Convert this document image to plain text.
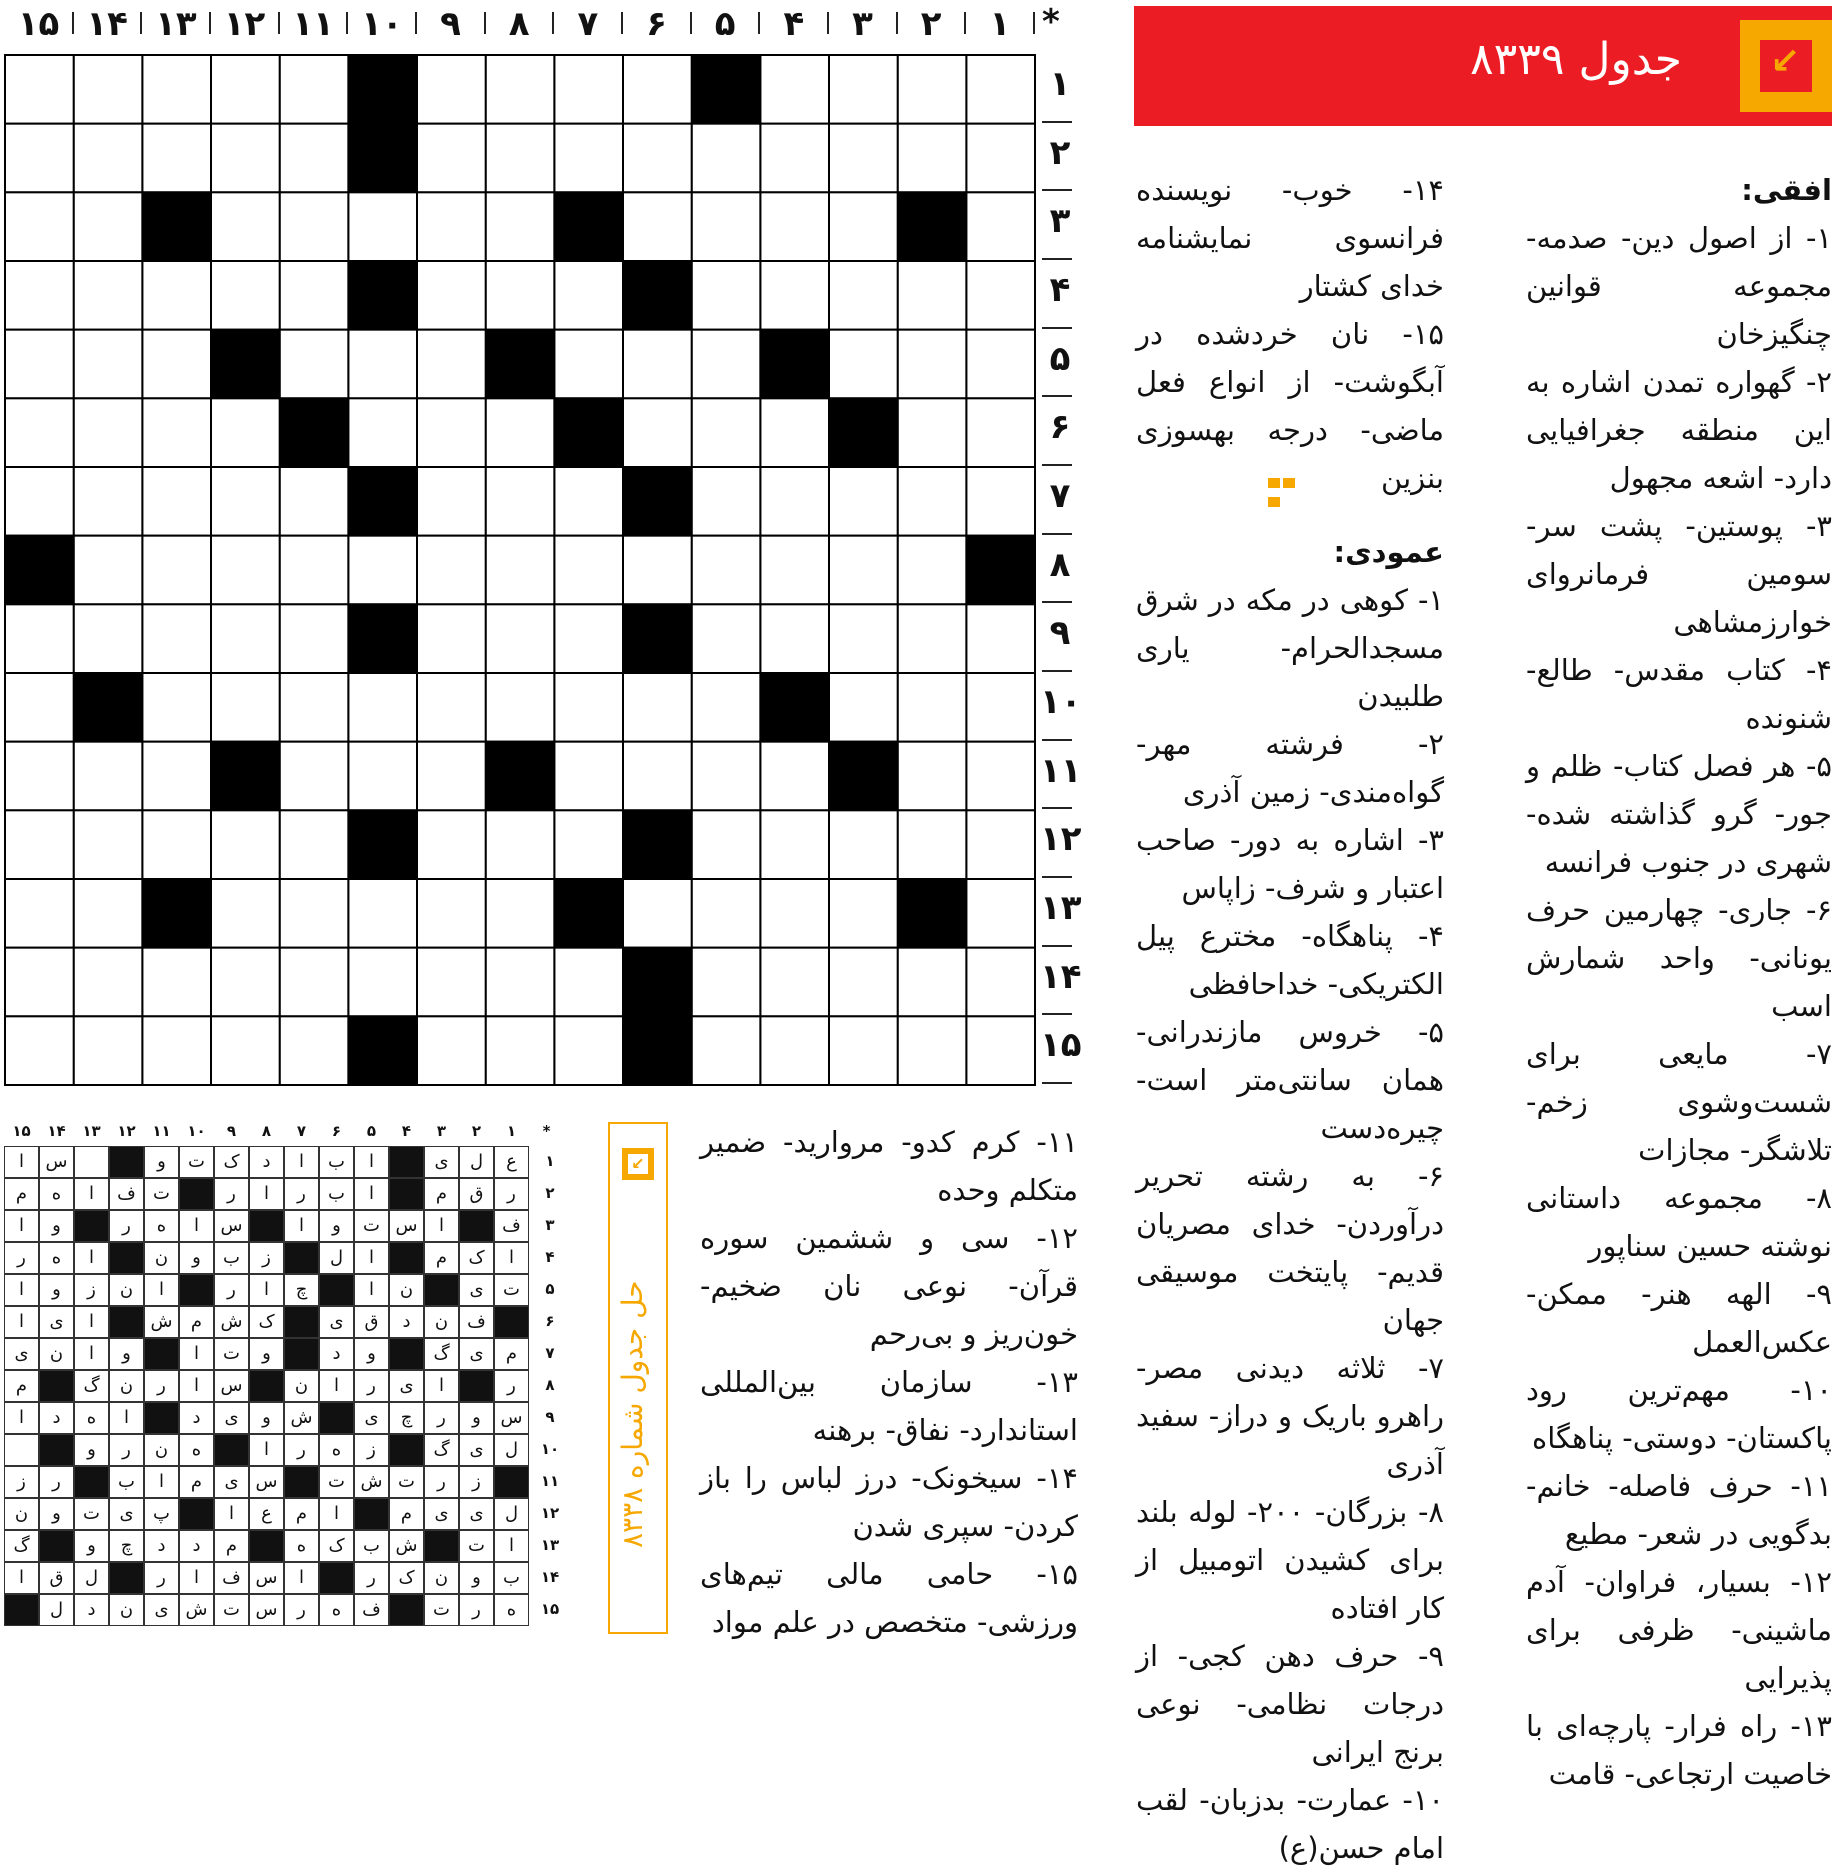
۱
۲
۳
۴
۵
۶
۷
۸
۹
۱۰
۱۱
۱۲
۱۳
۱۴
۱۵	*
۱
۲
۳
۴
۵
۶
۷
۸
۹
۱۰
۱۱
۱۲
۱۳
۱۴
۱۵
جدول ۸۳۳۹ ↙

افقی:

۱- از اصول دین- صدمه- مجموعه قوانین چنگیزخان

۲- گهواره تمدن اشاره به این منطقه جغرافیایی دارد- اشعه مجهول

۳- پوستین- پشت سر- سومین فرمانروای خوارزمشاهی

۴- کتاب مقدس- طالع- شنونده

۵- هر فصل کتاب- ظلم و جور- گرو گذاشته شده- شهری در جنوب فرانسه

۶- جاری- چهارمین حرف یونانی- واحد شمارش اسب

۷- مایعی برای شست‌وشوی زخم- تلاشگر- مجازات

۸- مجموعه داستانی نوشته حسین سناپور

۹- الهه هنر- ممکن- عکس‌العمل

۱۰- مهم‌ترین رود پاکستان- دوستی- پناهگاه

۱۱- حرف فاصله- خانم- بدگویی در شعر- مطیع

۱۲- بسیار، فراوان- آدم ماشینی- ظرفی برای پذیرایی

۱۳- راه فرار- پارچه‌ای با خاصیت ارتجاعی- قامت

۱۴- خوب- نویسنده فرانسوی نمایشنامه خدای کشتار

۱۵- نان خردشده در آبگوشت- از انواع فعل ماضی- درجه بهسوزی بنزین

عمودی:

۱- کوهی در مکه در شرق مسجدالحرام- یاری طلبیدن

۲- فرشته مهر- گواه‌مندی- زمین آذری

۳- اشاره به دور- صاحب اعتبار و شرف- زاپاس

۴- پناهگاه- مخترع پیل الکتریکی- خداحافظی

۵- خروس مازندرانی- همان سانتی‌متر است- چیره‌دست

۶- به رشته تحریر درآوردن- خدای مصریان قدیم- پایتخت موسیقی جهان

۷- ثلاثه دیدنی مصر- راهرو باریک و دراز- سفید آذری

۸- بزرگان- ۲۰۰- لوله بلند برای کشیدن اتومبیل از کار افتاده

۹- حرف دهن کجی- از درجات نظامی- نوعی برنج ایرانی

۱۰- عمارت- بدزبان- لقب امام حسن(ع)

۱۱- کرم کدو- مروارید- ضمیر متکلم وحده

۱۲- سی و ششمین سوره قرآن- نوعی نان ضخیم- خون‌ریز و بی‌رحم

۱۳- سازمان بین‌المللی استاندارد- نفاق- برهنه

۱۴- سیخونک- درز لباس را باز کردن- سپری شدن

۱۵- حامی مالی تیم‌های ورزشی- متخصص در علم مواد

۱
۲
۳
۴
۵
۶
۷
۸
۹
۱۰
۱۱
۱۲
۱۳
۱۴
۱۵	*
ع
ل
ی
ا
ب
ا
د
ک
ت
و
س
ا
ر
ق
م
ا
ب
ر
ا
ر
ت
ف
ا
ه
م
ف
ا
س
ت
و
ا
س
ا
ه
ر
و
ا
ا
ک
م
ا
ل
ز
ب
و
ن
ا
ه
ر
ت
ی
ن
ا
چ
ا
ر
ا
ن
ز
و
ا
ف
ن
د
ق
ی
ک
ش
م
ش
ا
ی
ا
م
ی
گ
و
د
و
ت
ا
و
ا
ن
ی
ر
ا
ی
ر
ا
ن
س
ا
ر
ن
گ
م
س
و
ر
چ
ی
ش
و
ی
د
ا
ه
د
ا
ل
ی
گ
ز
ه
ر
ا
ه
ن
ر
و
ز
ر
ت
ش
ت
س
ی
م
ا
ب
ر
ز
ل
ی
ی
م
ا
م
ع
ا
پ
ی
ت
و
ن
ا
ت
ش
ب
ک
ه
م
د
د
چ
و
گ
ب
و
ن
ک
ر
ا
س
ف
ا
ر
ل
ق
ا
ه
ر
ت
ف
ه
ر
س
ت
ش
ی
ن
د
ل
۱
۲
۳
۴
۵
۶
۷
۸
۹
۱۰
۱۱
۱۲
۱۳
۱۴
۱۵
↙
حل جدول شماره ۸۳۳۸
